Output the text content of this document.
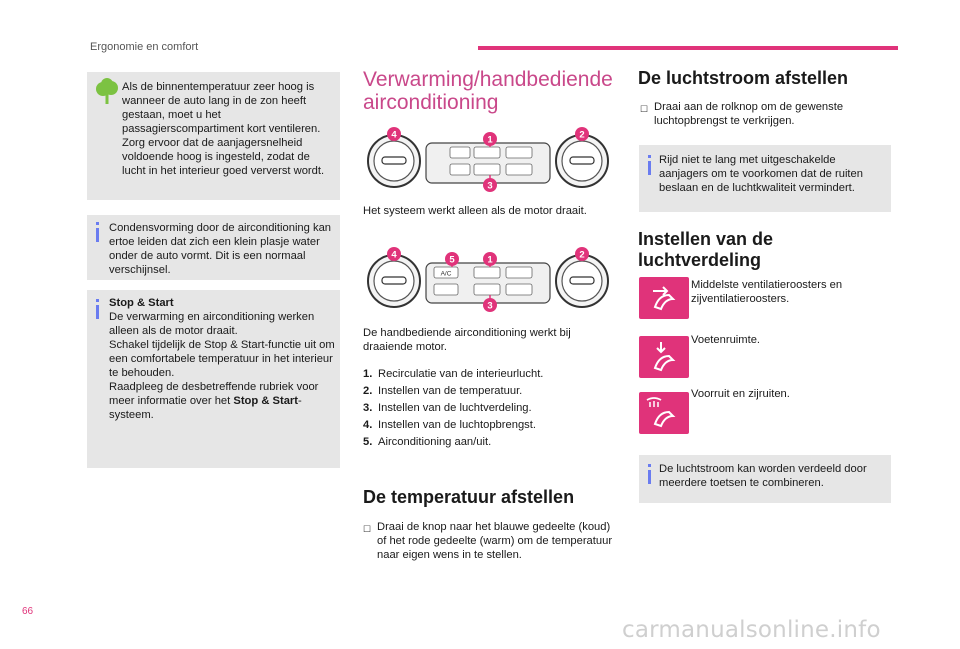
Ergonomie en comfort
Als de binnentemperatuur zeer hoog is wanneer de auto lang in de zon heeft gestaan, moet u het passagierscompartiment kort ventileren. Zorg ervoor dat de aanjagersnelheid voldoende hoog is ingesteld, zodat de lucht in het interieur goed ververst wordt.
Condensvorming door de airconditioning kan ertoe leiden dat zich een klein plasje water onder de auto vormt. Dit is een normaal verschijnsel.
Stop & Start
De verwarming en airconditioning werken alleen als de motor draait.
Schakel tijdelijk de Stop & Start-functie uit om een comfortabele temperatuur in het interieur te behouden.
Raadpleeg de desbetreffende rubriek voor meer informatie over het Stop & Start-systeem.
Verwarming/handbediende
airconditioning
4	1	2
3
Het systeem werkt alleen als de motor draait.
A/C
4	5	1	2
3
De handbediende airconditioning werkt bij draaiende motor.
1. Recirculatie van de interieurlucht.
2. Instellen van de temperatuur.
3. Instellen van de luchtverdeling.
4. Instellen van de luchtopbrengst.
5. Airconditioning aan/uit.
De temperatuur afstellen
☐ Draai de knop naar het blauwe gedeelte (koud) of het rode gedeelte (warm) om de temperatuur naar eigen wens in te stellen.
De luchtstroom afstellen
☐ Draai aan de rolknop om de gewenste luchtopbrengst te verkrijgen.
Rijd niet te lang met uitgeschakelde aanjagers om te voorkomen dat de ruiten beslaan en de luchtkwaliteit vermindert.
Instellen van de
luchtverdeling
Middelste ventilatieroosters en zijventilatieroosters.
Voetenruimte.
Voorruit en zijruiten.
De luchtstroom kan worden verdeeld door meerdere toetsen te combineren.
66
carmanualsonline.info
